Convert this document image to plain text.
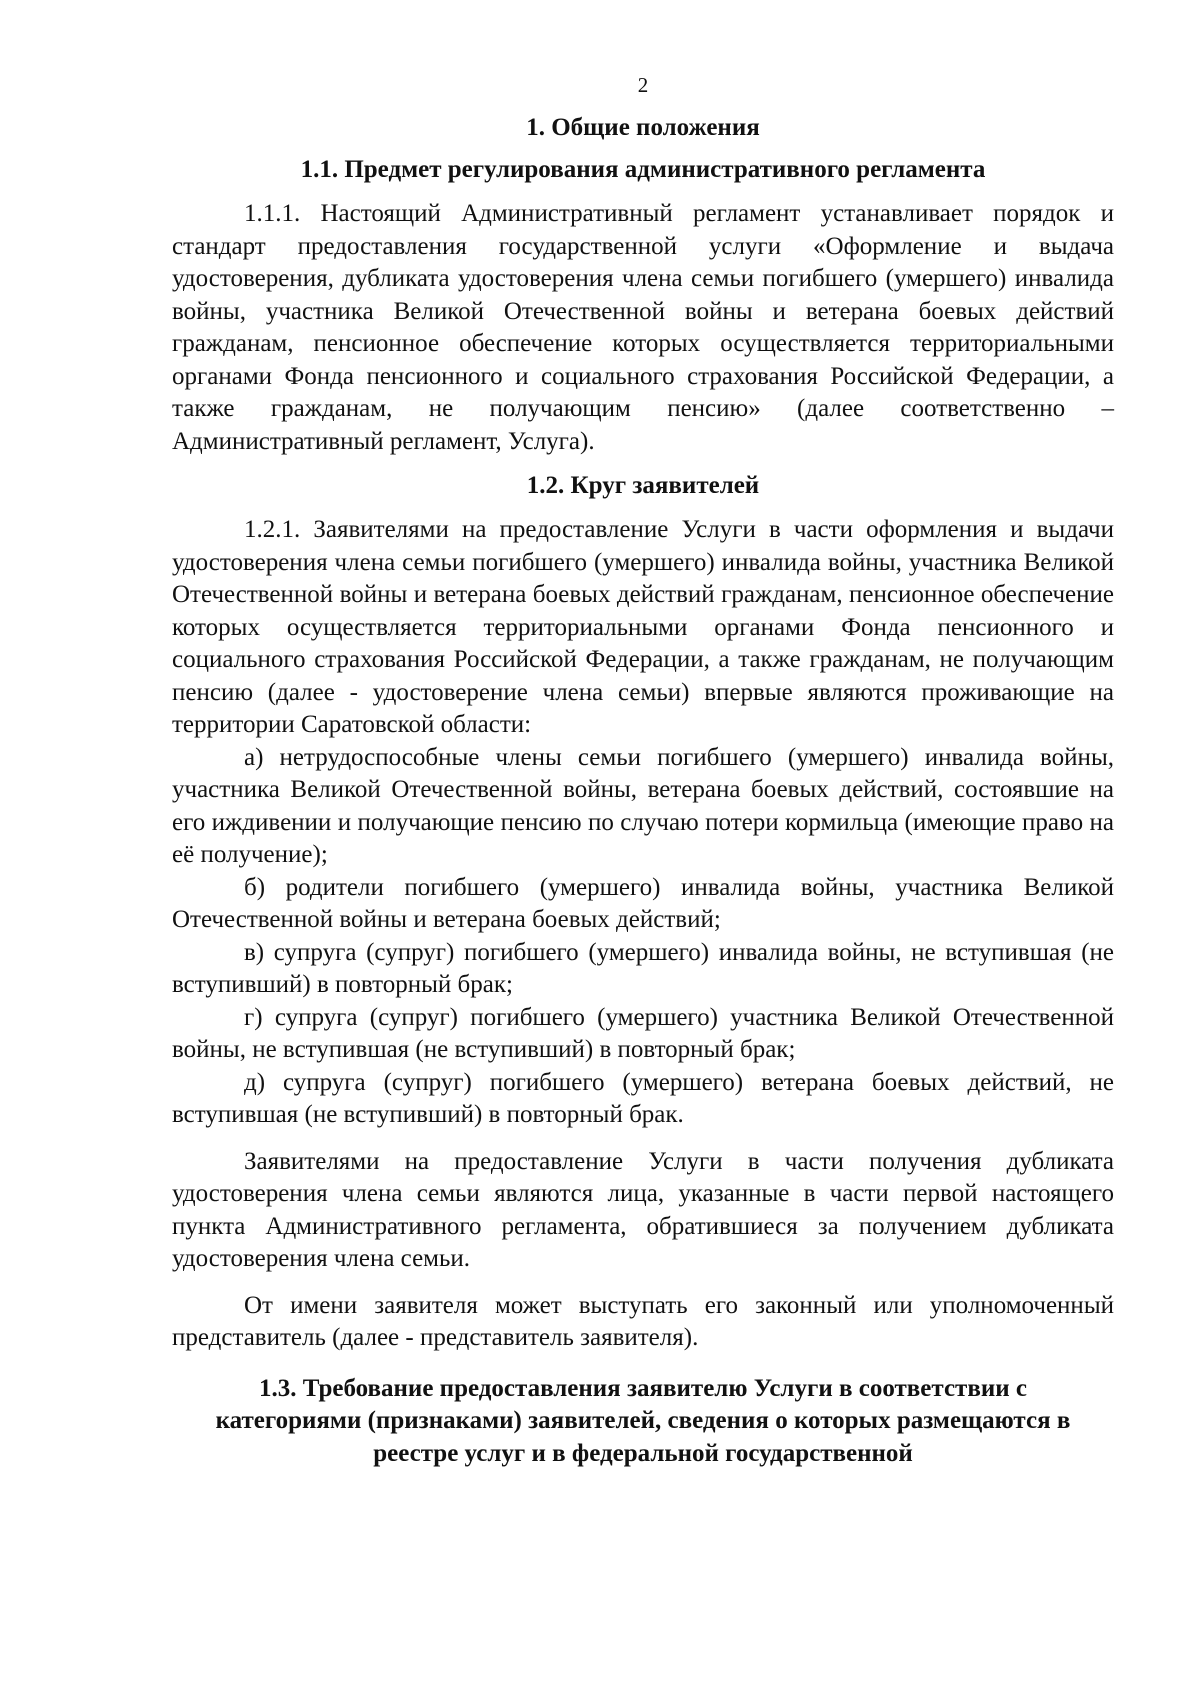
2
1. Общие положения
1.1. Предмет регулирования административного регламента

1.1.1. Настоящий Административный регламент устанавливает порядок и стандарт предоставления государственной услуги «Оформление и выдача удостоверения, дубликата удостоверения члена семьи погибшего (умершего) инвалида войны, участника Великой Отечественной войны и ветерана боевых действий гражданам, пенсионное обеспечение которых осуществляется территориальными органами Фонда пенсионного и социального страхования Российской Федерации, а также гражданам, не получающим пенсию» (далее соответственно – Административный регламент, Услуга).

1.2. Круг заявителей

1.2.1. Заявителями на предоставление Услуги в части оформления и выдачи удостоверения члена семьи погибшего (умершего) инвалида войны, участника Великой Отечественной войны и ветерана боевых действий гражданам, пенсионное обеспечение которых осуществляется территориальными органами Фонда пенсионного и социального страхования Российской Федерации, а также гражданам, не получающим пенсию (далее - удостоверение члена семьи) впервые являются проживающие на территории Саратовской области:

а) нетрудоспособные члены семьи погибшего (умершего) инвалида войны, участника Великой Отечественной войны, ветерана боевых действий, состоявшие на его иждивении и получающие пенсию по случаю потери кормильца (имеющие право на её получение);

б) родители погибшего (умершего) инвалида войны, участника Великой Отечественной войны и ветерана боевых действий;

в) супруга (супруг) погибшего (умершего) инвалида войны, не вступившая (не вступивший) в повторный брак;

г) супруга (супруг) погибшего (умершего) участника Великой Отечественной войны, не вступившая (не вступивший) в повторный брак;

д) супруга (супруг) погибшего (умершего) ветерана боевых действий, не вступившая (не вступивший) в повторный брак.

Заявителями на предоставление Услуги в части получения дубликата удостоверения члена семьи являются лица, указанные в части первой настоящего пункта Административного регламента, обратившиеся за получением дубликата удостоверения члена семьи.

От имени заявителя может выступать его законный или уполномоченный представитель (далее - представитель заявителя).

1.3. Требование предоставления заявителю Услуги в соответствии с категориями (признаками) заявителей, сведения о которых размещаются в реестре услуг и в федеральной государственной
